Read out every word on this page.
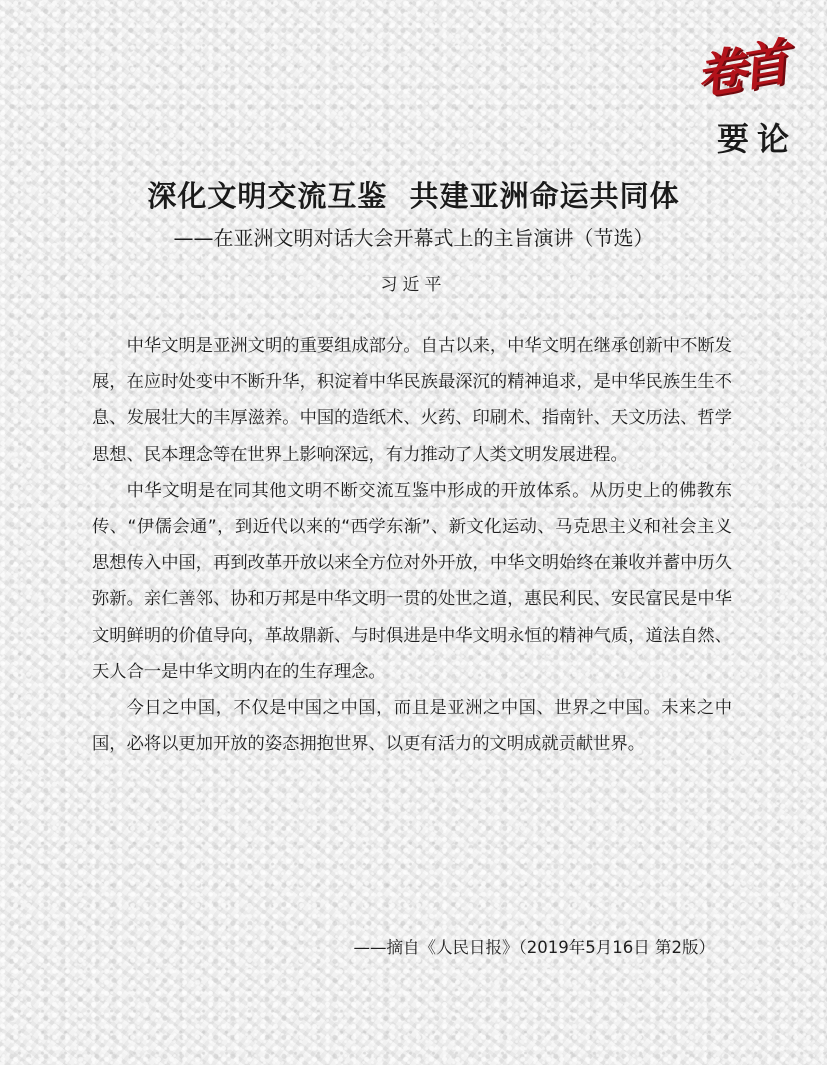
卷首
要论
深化文明交流互鉴  共建亚洲命运共同体
——在亚洲文明对话大会开幕式上的主旨演讲（节选）
习近平

中华文明是亚洲文明的重要组成部分。自古以来，中华文明在继承创新中不断发展，在应时处变中不断升华，积淀着中华民族最深沉的精神追求，是中华民族生生不息、发展壮大的丰厚滋养。中国的造纸术、火药、印刷术、指南针、天文历法、哲学思想、民本理念等在世界上影响深远，有力推动了人类文明发展进程。

中华文明是在同其他文明不断交流互鉴中形成的开放体系。从历史上的佛教东传、“伊儒会通”，到近代以来的“西学东渐”、新文化运动、马克思主义和社会主义思想传入中国，再到改革开放以来全方位对外开放，中华文明始终在兼收并蓄中历久弥新。亲仁善邻、协和万邦是中华文明一贯的处世之道，惠民利民、安民富民是中华文明鲜明的价值导向，革故鼎新、与时俱进是中华文明永恒的精神气质，道法自然、天人合一是中华文明内在的生存理念。

今日之中国，不仅是中国之中国，而且是亚洲之中国、世界之中国。未来之中国，必将以更加开放的姿态拥抱世界、以更有活力的文明成就贡献世界。

——摘自《人民日报》（2019年5月16日 第2版）
